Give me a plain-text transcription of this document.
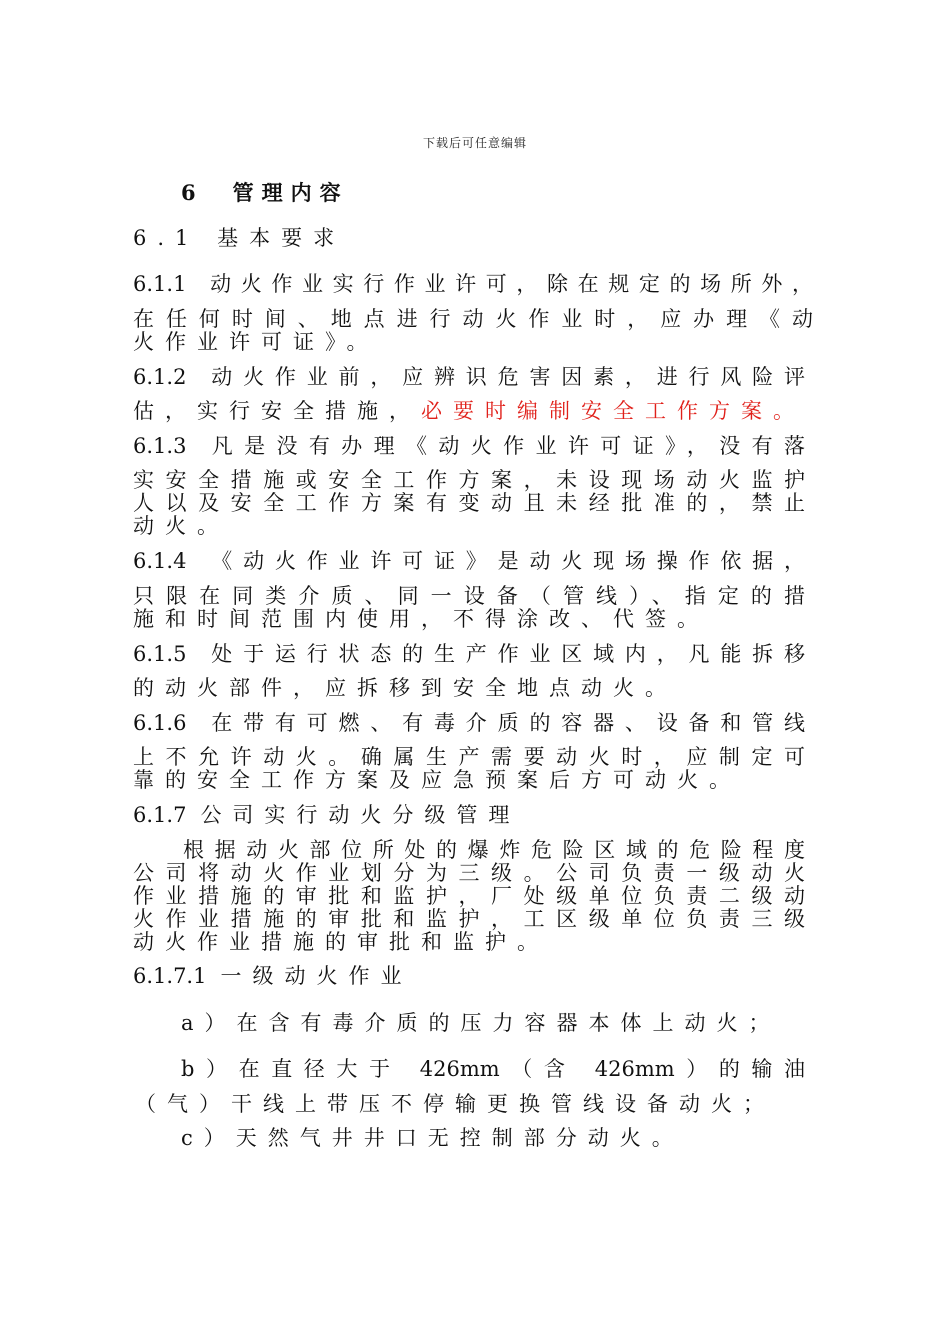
下载后可任意编辑
6　管理内容
6.1 基本要求
6.1.1 动火作业实行作业许可，除在规定的场所外，
在任何时间、地点进行动火作业时，应办理《动
火作业许可证》。
6.1.2 动火作业前，应辨识危害因素，进行风险评
估，实行安全措施，必要时编制安全工作方案。
6.1.3 凡是没有办理《动火作业许可证》，没有落
实安全措施或安全工作方案，未设现场动火监护
人以及安全工作方案有变动且未经批准的，禁止
动火。
6.1.4 《动火作业许可证》是动火现场操作依据，
只限在同类介质、同一设备（管线）、指定的措
施和时间范围内使用，不得涂改、代签。
6.1.5 处于运行状态的生产作业区域内，凡能拆移
的动火部件，应拆移到安全地点动火。
6.1.6 在带有可燃、有毒介质的容器、设备和管线
上不允许动火。确属生产需要动火时，应制定可
靠的安全工作方案及应急预案后方可动火。
6.1.7 公司实行动火分级管理
根据动火部位所处的爆炸危险区域的危险程度
公司将动火作业划分为三级。公司负责一级动火
作业措施的审批和监护，厂处级单位负责二级动
火作业措施的审批和监护，工区级单位负责三级
动火作业措施的审批和监护。
6.1.7.1 一级动火作业
a）在含有毒介质的压力容器本体上动火；
b）在直径大于 426mm（含 426mm）的输油
（气）干线上带压不停输更换管线设备动火；
c）天然气井井口无控制部分动火。
